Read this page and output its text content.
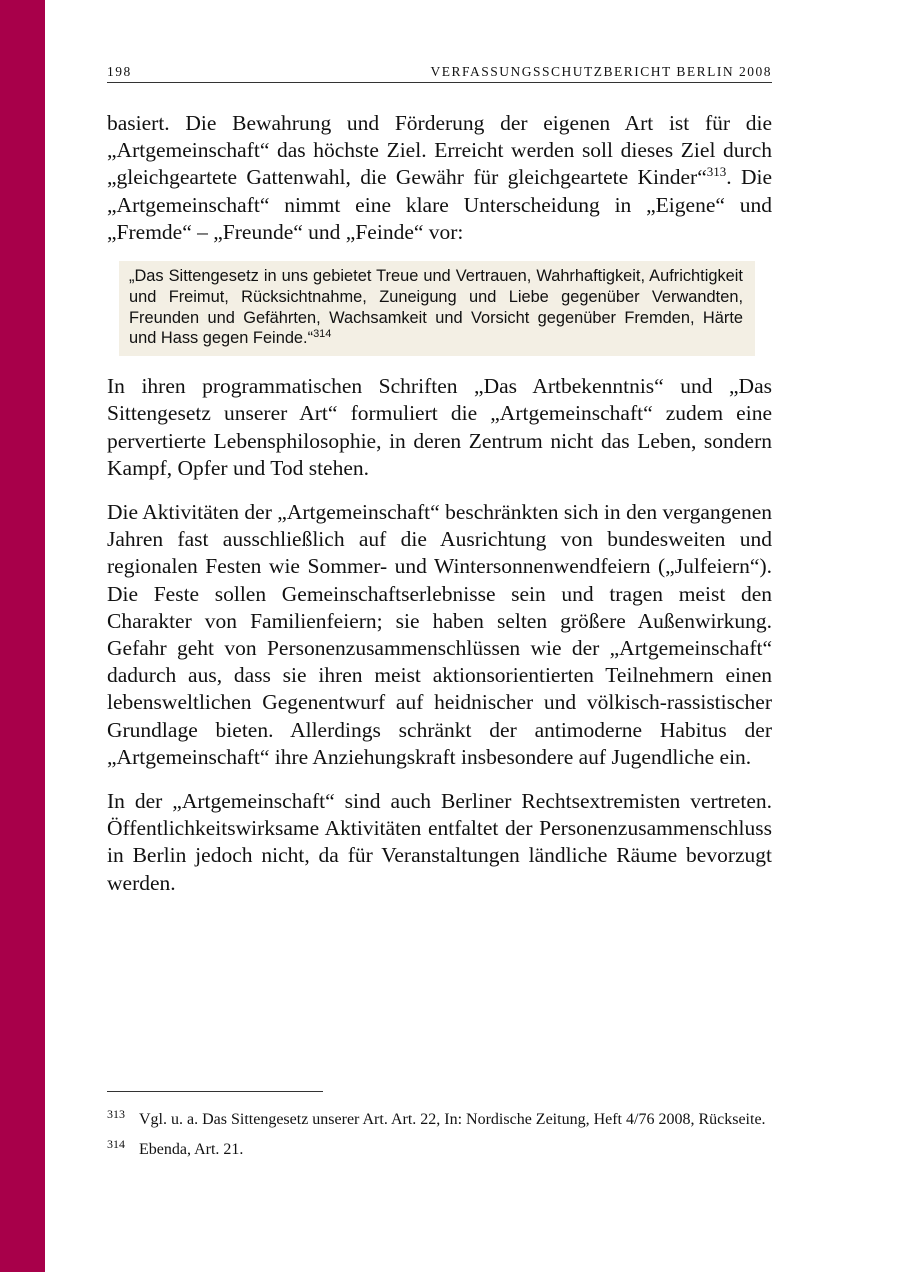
198	VERFASSUNGSSCHUTZBERICHT BERLIN 2008

basiert. Die Bewahrung und Förderung der eigenen Art ist für die „Artgemeinschaft“ das höchste Ziel. Erreicht werden soll dieses Ziel durch „gleichgeartete Gattenwahl, die Gewähr für gleichgeartete Kinder“$^{313}$. Die „Artgemeinschaft“ nimmt eine klare Unterscheidung in „Eigene“ und „Fremde“ – „Freunde“ und „Feinde“ vor:

„Das Sittengesetz in uns gebietet Treue und Vertrauen, Wahrhaftigkeit, Aufrichtigkeit und Freimut, Rücksichtnahme, Zuneigung und Liebe gegenüber Verwandten, Freunden und Gefährten, Wachsamkeit und Vorsicht gegenüber Fremden, Härte und Hass gegen Feinde.“$^{314}$

In ihren programmatischen Schriften „Das Artbekenntnis“ und „Das Sittengesetz unserer Art“ formuliert die „Artgemeinschaft“ zudem eine pervertierte Lebensphilosophie, in deren Zentrum nicht das Leben, sondern Kampf, Opfer und Tod stehen.

Die Aktivitäten der „Artgemeinschaft“ beschränkten sich in den vergangenen Jahren fast ausschließlich auf die Ausrichtung von bundesweiten und regionalen Festen wie Sommer- und Wintersonnenwendfeiern („Julfeiern“). Die Feste sollen Gemeinschaftserlebnisse sein und tragen meist den Charakter von Familienfeiern; sie haben selten größere Außenwirkung. Gefahr geht von Personenzusammenschlüssen wie der „Artgemeinschaft“ dadurch aus, dass sie ihren meist aktionsorientierten Teilnehmern einen lebensweltlichen Gegenentwurf auf heidnischer und völkisch-rassistischer Grundlage bieten. Allerdings schränkt der antimoderne Habitus der „Artgemeinschaft“ ihre Anziehungskraft insbesondere auf Jugendliche ein.

In der „Artgemeinschaft“ sind auch Berliner Rechtsextremisten vertreten. Öffentlichkeitswirksame Aktivitäten entfaltet der Personenzusammenschluss in Berlin jedoch nicht, da für Veranstaltungen ländliche Räume bevorzugt werden.

313 Vgl. u. a. Das Sittengesetz unserer Art. Art. 22, In: Nordische Zeitung, Heft 4/76 2008, Rückseite.
314 Ebenda, Art. 21.
